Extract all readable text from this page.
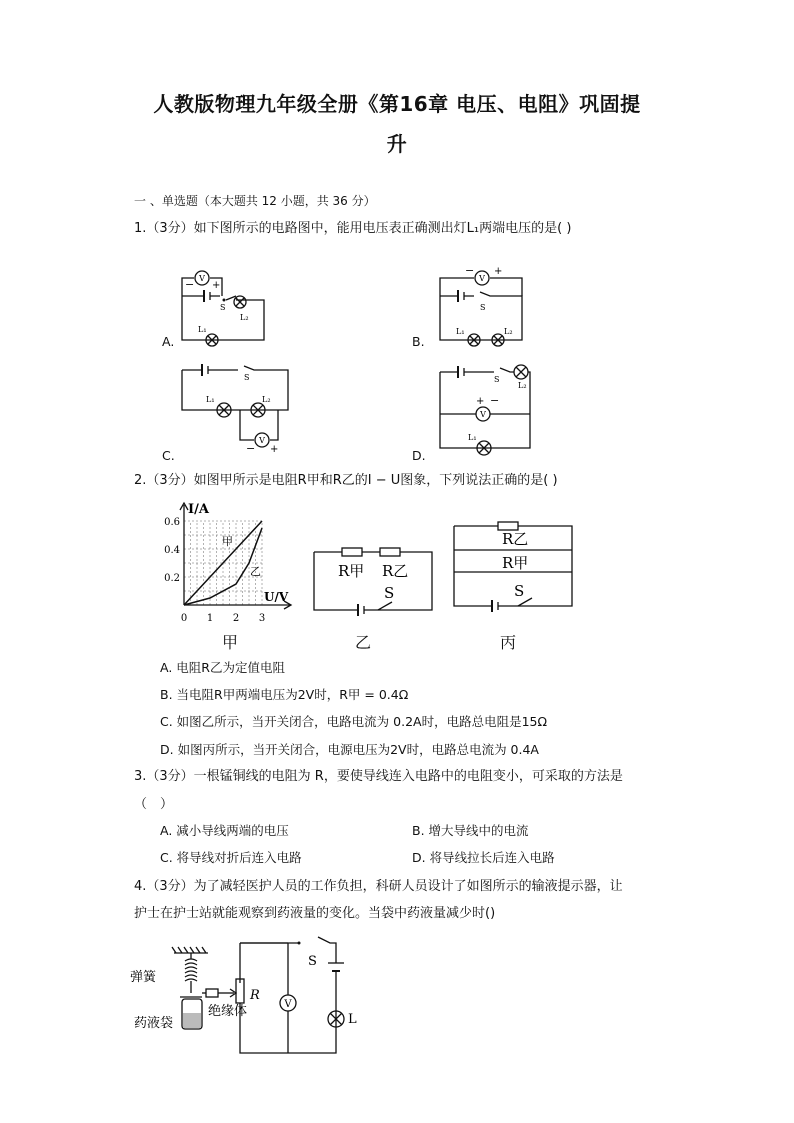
人教版物理九年级全册《第16章 电压、电阻》巩固提
升
一 、单选题（本大题共 12 小题，共 36 分）
1.（3分）如下图所示的电路图中，能用电压表正确测出灯L₁两端电压的是( )
V
− +
S
L₂
L₁
A.
V
− +
S
L₁	L₂
B.
S
L₁	L₂
V
− +
C.
S
L₂
V
+ −
L₁
D.
2.（3分）如图甲所示是电阻R甲和R乙的I − U图象，下列说法正确的是( )
I/A
U/V
0.2
0.4
0.6
0 1 2 3
甲
乙
甲
R甲 R乙
S
乙
R乙
R甲
S
丙
A. 电阻R乙为定值电阻
B. 当电阻R甲两端电压为2V时，R甲 = 0.4Ω
C. 如图乙所示，当开关闭合，电路电流为 0.2A时，电路总电阻是15Ω
D. 如图丙所示，当开关闭合，电源电压为2V时，电路总电流为 0.4A
3.（3分）一根锰铜线的电阻为 R，要使导线连入电路中的电阻变小，可采取的方法是
（　）
A. 减小导线两端的电压	B. 增大导线中的电流
C. 将导线对折后连入电路	D. 将导线拉长后连入电路
4.（3分）为了减轻医护人员的工作负担，科研人员设计了如图所示的输液提示器，让
护士在护士站就能观察到药液量的变化。当袋中药液量减少时()
弹簧
药液袋
绝缘体
S
R
V
L
